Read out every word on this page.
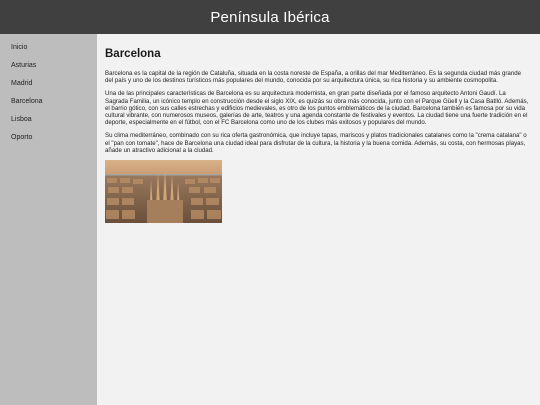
Península Ibérica
Inicio
Asturias
Madrid
Barcelona
Lisboa
Oporto
Barcelona

Barcelona es la capital de la región de Cataluña, situada en la costa noreste de España, a orillas del mar Mediterráneo. Es la segunda ciudad más grande del país y uno de los destinos turísticos más populares del mundo, conocida por su arquitectura única, su rica historia y su ambiente cosmopolita.

Una de las principales características de Barcelona es su arquitectura modernista, en gran parte diseñada por el famoso arquitecto Antoni Gaudí. La Sagrada Familia, un icónico templo en construcción desde el siglo XIX, es quizás su obra más conocida, junto con el Parque Güell y la Casa Batlló. Además, el barrio gótico, con sus calles estrechas y edificios medievales, es otro de los puntos emblemáticos de la ciudad. Barcelona también es famosa por su vida cultural vibrante, con numerosos museos, galerías de arte, teatros y una agenda constante de festivales y eventos. La ciudad tiene una fuerte tradición en el deporte, especialmente en el fútbol, con el FC Barcelona como uno de los clubes más exitosos y populares del mundo.

Su clima mediterráneo, combinado con su rica oferta gastronómica, que incluye tapas, mariscos y platos tradicionales catalanes como la "crema catalana" o el "pan con tomate", hace de Barcelona una ciudad ideal para disfrutar de la cultura, la historia y la buena comida. Además, su costa, con hermosas playas, añade un atractivo adicional a la ciudad.
